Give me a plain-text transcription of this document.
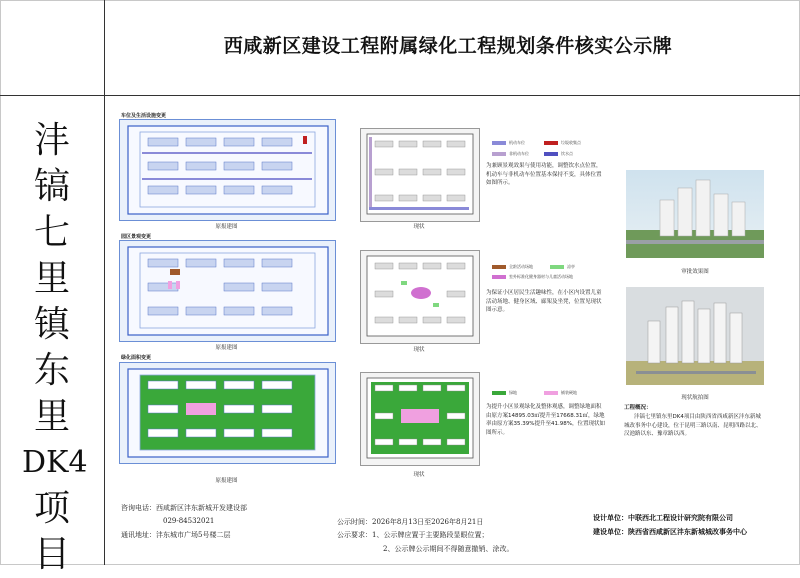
西咸新区建设工程附属绿化工程规划条件核实公示牌
沣
镐
七
里
镇
东
里
DK4
项
目
车位及生活设施变更
原报建图	现状
机动车位	垃圾收集点
非机动车位	饮水点
为兼顾景观效果与使用功能，调整饮水点位置，机动车与非机动车位置基本保持不变，具体位置如图所示。
园区景观变更
原报建图	现状
全龄活动场地	凉亭
室外标准化健身器材与儿童活动场地
为保证小区居民生活趣味性，在小区内设置儿童活动场地、健身区域、廊架及坐凳，位置见现状图示意。
绿化面积变更
原报建图
现状
绿地	铺装硬地
为提升小区景观绿化及整体观感，调整绿地面积由原方案14895.03㎡提升至17668.31㎡，绿地率由原方案35.39%提升至41.98%，位置现状如图所示。
审批效果图
现状航拍图
工程概况：
沣镐七里镇东里DK4项目由陕西省西咸新区沣东新城城改事务中心建设，位于昆明三路以南、昆明四路以北、汉池路以东、豫章路以西。
咨询电话：西咸新区沣东新城开发建设部
029-84532021
通讯地址：沣东城市广场5号楼二层
公示时间：2026年8月13日至2026年8月21日
公示要求：1、公示牌应置于主要路段显眼位置；
2、公示牌公示期间不得随意撤销、涂改。
设计单位：中联西北工程设计研究院有限公司
建设单位：陕西省西咸新区沣东新城城改事务中心
